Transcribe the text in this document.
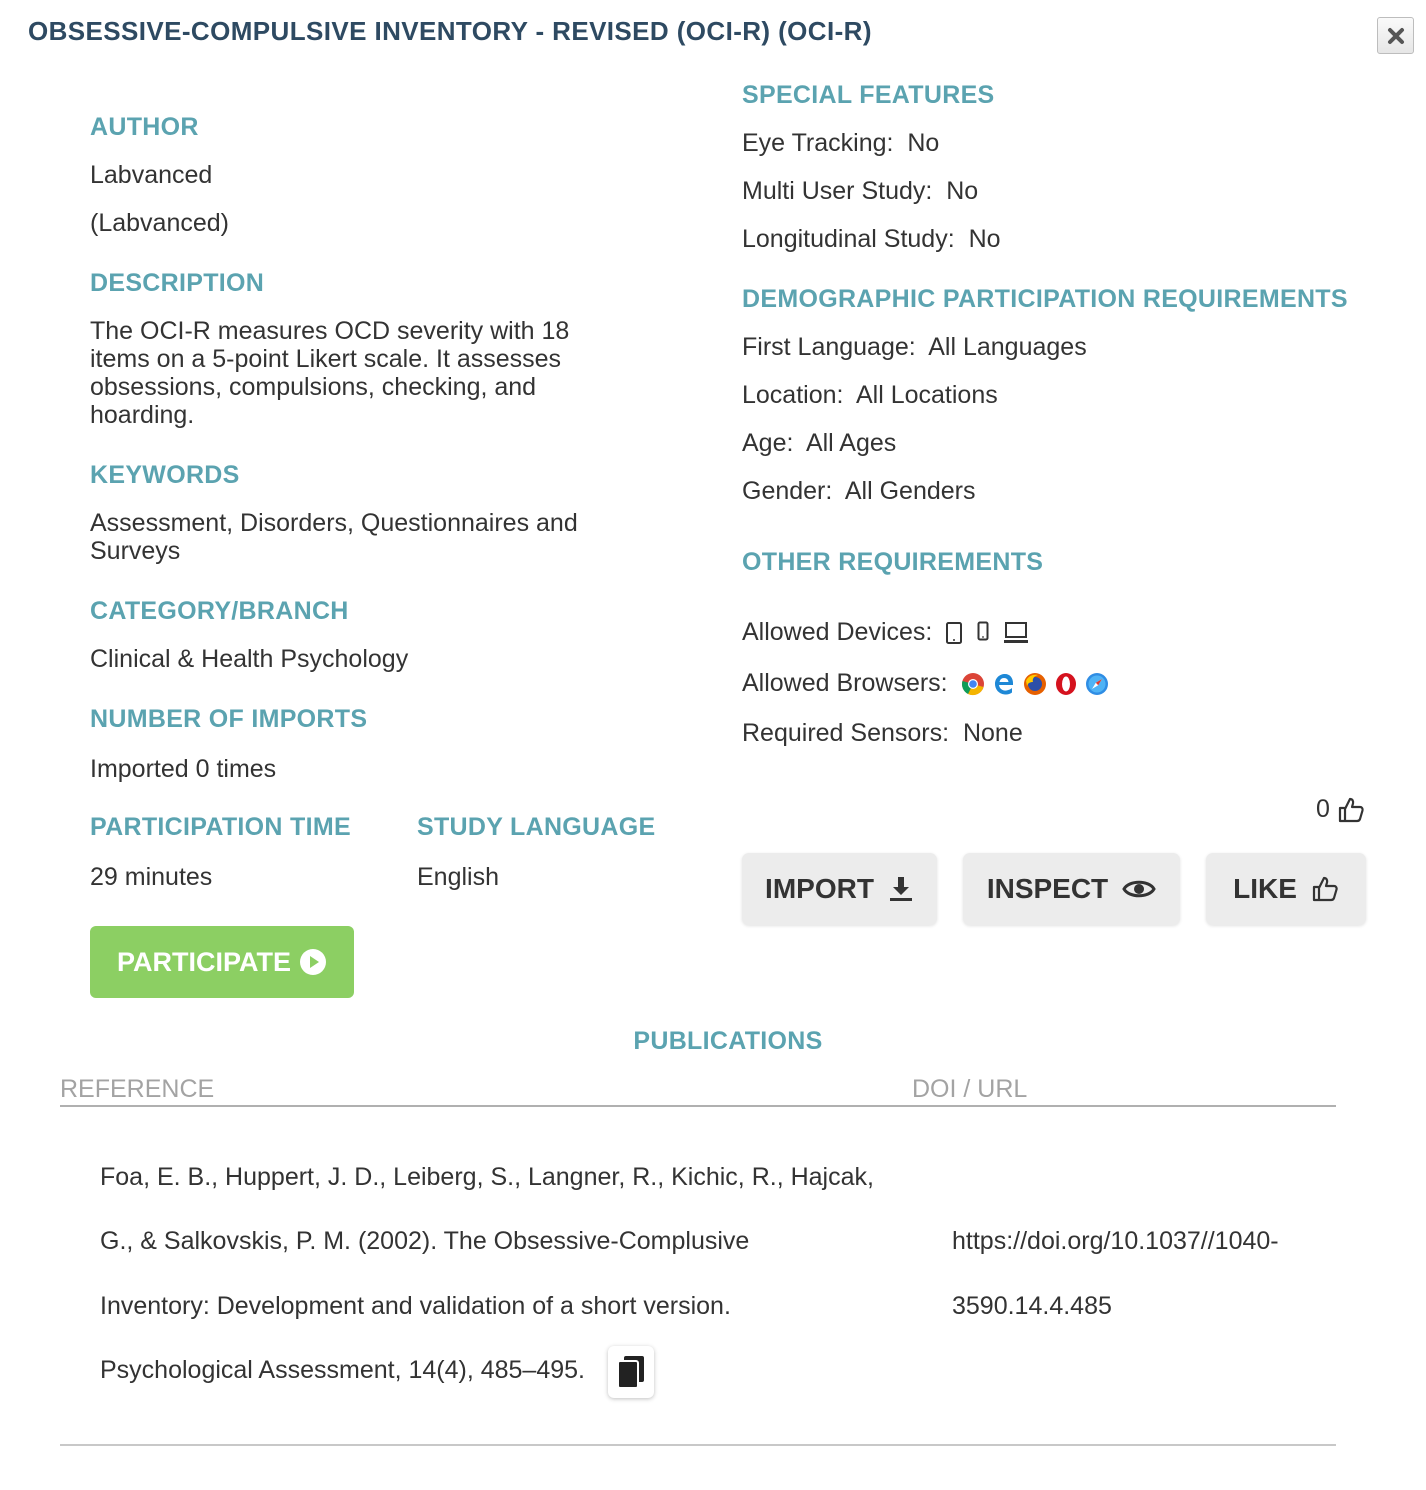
OBSESSIVE-COMPULSIVE INVENTORY - REVISED (OCI-R) (OCI-R)
AUTHOR
Labvanced
(Labvanced)
DESCRIPTION
The OCI-R measures OCD severity with 18 items on a 5-point Likert scale. It assesses obsessions, compulsions, checking, and hoarding.
KEYWORDS
Assessment, Disorders, Questionnaires and Surveys
CATEGORY/BRANCH
Clinical & Health Psychology
NUMBER OF IMPORTS
Imported 0 times
PARTICIPATION TIME
29 minutes
STUDY LANGUAGE
English
PARTICIPATE
SPECIAL FEATURES
Eye Tracking: No
Multi User Study: No
Longitudinal Study: No
DEMOGRAPHIC PARTICIPATION REQUIREMENTS
First Language: All Languages
Location: All Locations
Age: All Ages
Gender: All Genders
OTHER REQUIREMENTS
Allowed Devices:
Allowed Browsers:
Required Sensors: None
0
IMPORT	INSPECT	LIKE
PUBLICATIONS
REFERENCE	DOI / URL
Foa, E. B., Huppert, J. D., Leiberg, S., Langner, R., Kichic, R., Hajcak,
G., & Salkovskis, P. M. (2002). The Obsessive-Complusive
Inventory: Development and validation of a short version.
Psychological Assessment, 14(4), 485–495.
https://doi.org/10.1037//1040-
3590.14.4.485
